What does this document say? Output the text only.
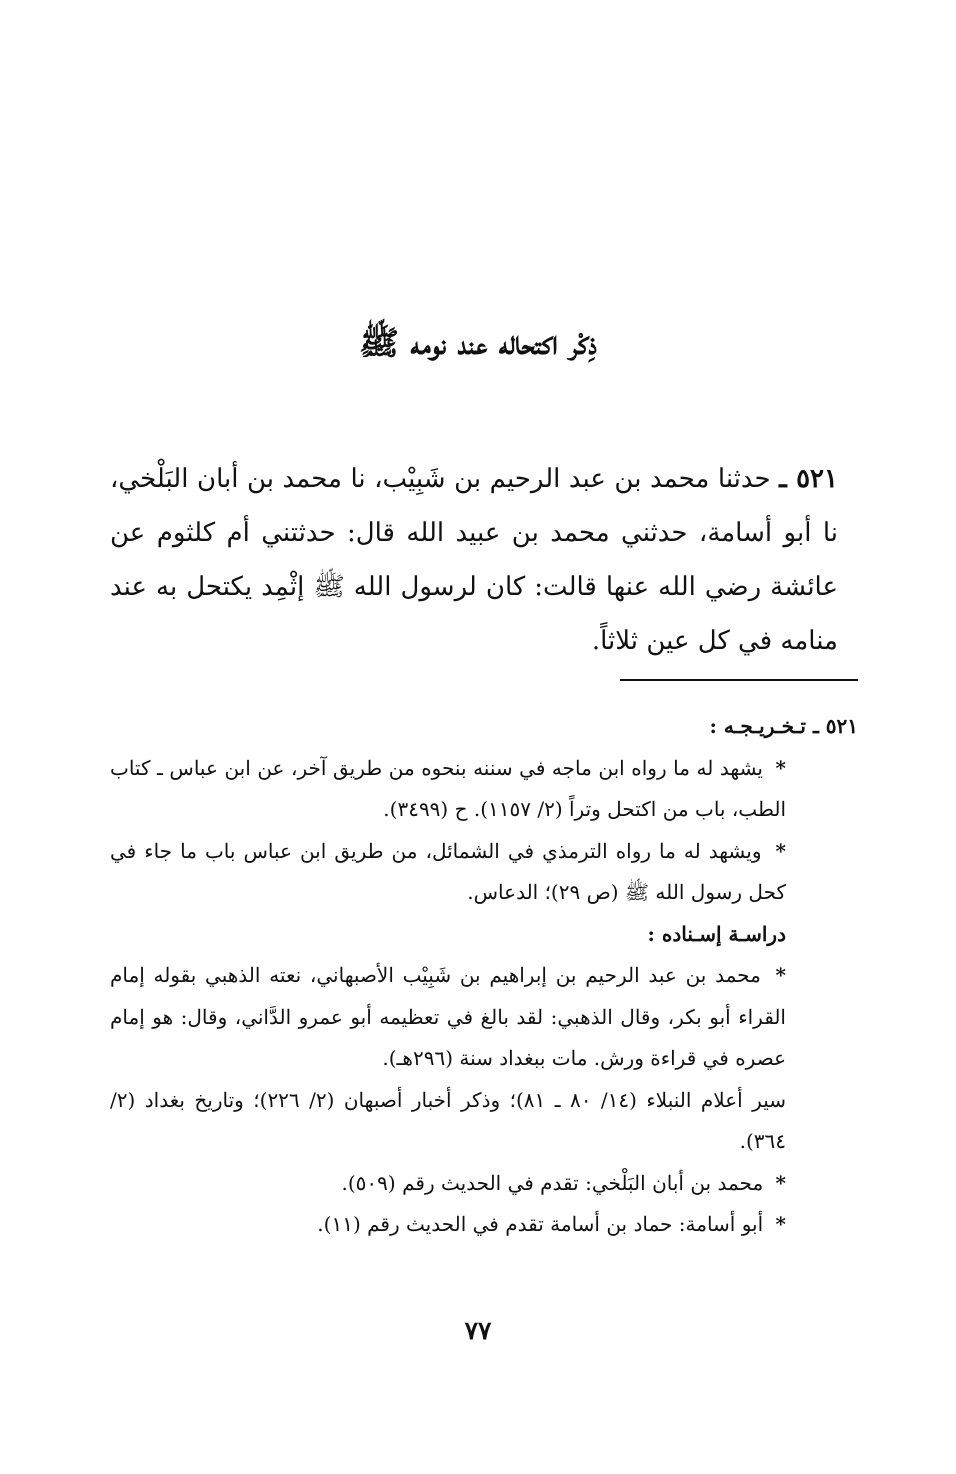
ذِكْر اكتحاله عند نومه ﷺ
٥٢١ ـ حدثنا محمد بن عبد الرحيم بن شَبِيْب، نا محمد بن أبان البَلْخي، نا أبو أسامة، حدثني محمد بن عبيد الله قال: حدثتني أم كلثوم عن عائشة رضي الله عنها قالت: كان لرسول الله ﷺ إثْمِد يكتحل به عند منامه في كل عين ثلاثاً.

٥٢١ ـ تـخـريـجـه :

* يشهد له ما رواه ابن ماجه في سننه بنحوه من طريق آخر، عن ابن عباس ـ كتاب الطب، باب من اكتحل وتراً (٢/ ١١٥٧). ح (٣٤٩٩).

* ويشهد له ما رواه الترمذي في الشمائل، من طريق ابن عباس باب ما جاء في كحل رسول الله ﷺ (ص ٢٩)؛ الدعاس.

دراسـة إسـناده :

* محمد بن عبد الرحيم بن إبراهيم بن شَبِيْب الأصبهاني، نعته الذهبي بقوله إمام القراء أبو بكر، وقال الذهبي: لقد بالغ في تعظيمه أبو عمرو الدَّاني، وقال: هو إمام عصره في قراءة ورش. مات ببغداد سنة (٢٩٦هـ).

سير أعلام النبلاء (١٤/ ٨٠ ـ ٨١)؛ وذكر أخبار أصبهان (٢/ ٢٢٦)؛ وتاريخ بغداد (٢/ ٣٦٤).

* محمد بن أبان البَلْخي: تقدم في الحديث رقم (٥٠٩).

* أبو أسامة: حماد بن أسامة تقدم في الحديث رقم (١١).

٧٧
